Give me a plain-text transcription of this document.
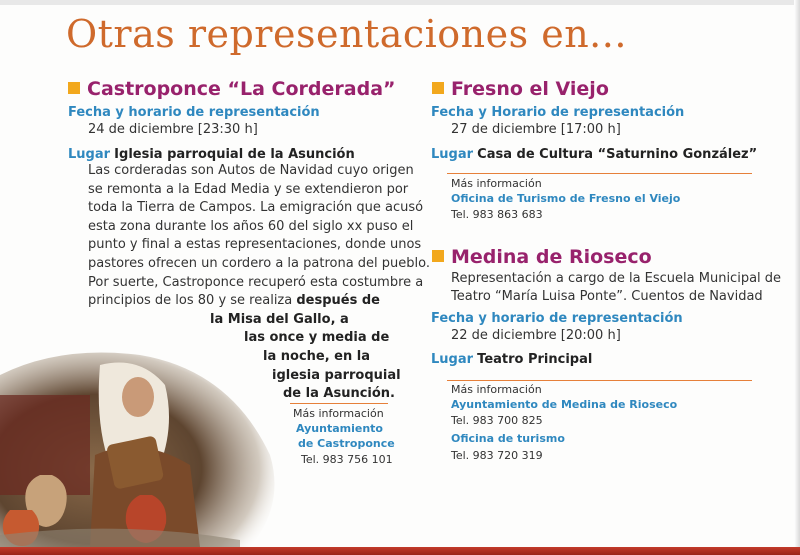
Otras representaciones en...
Castroponce “La Corderada”
Fecha y horario de representación
24 de diciembre [23:30 h]
Lugar Iglesia parroquial de la Asunción
Las corderadas son Autos de Navidad cuyo origen
se remonta a la Edad Media y se extendieron por
toda la Tierra de Campos. La emigración que acusó
esta zona durante los años 60 del siglo xx puso el
punto y final a estas representaciones, donde unos
pastores ofrecen un cordero a la patrona del pueblo.
Por suerte, Castroponce recuperó esta costumbre a
principios de los 80 y se realiza después de
la Misa del Gallo, a
las once y media de
la noche, en la
iglesia parroquial
de la Asunción.
Más información
Ayuntamiento
de Castroponce
Tel. 983 756 101
Fresno el Viejo
Fecha y Horario de representación
27 de diciembre [17:00 h]
Lugar Casa de Cultura “Saturnino González”
Más información
Oficina de Turismo de Fresno el Viejo
Tel. 983 863 683
Medina de Rioseco
Representación a cargo de la Escuela Municipal de
Teatro “María Luisa Ponte”. Cuentos de Navidad
Fecha y horario de representación
22 de diciembre [20:00 h]
Lugar Teatro Principal
Más información
Ayuntamiento de Medina de Rioseco
Tel. 983 700 825
Oficina de turismo
Tel. 983 720 319
